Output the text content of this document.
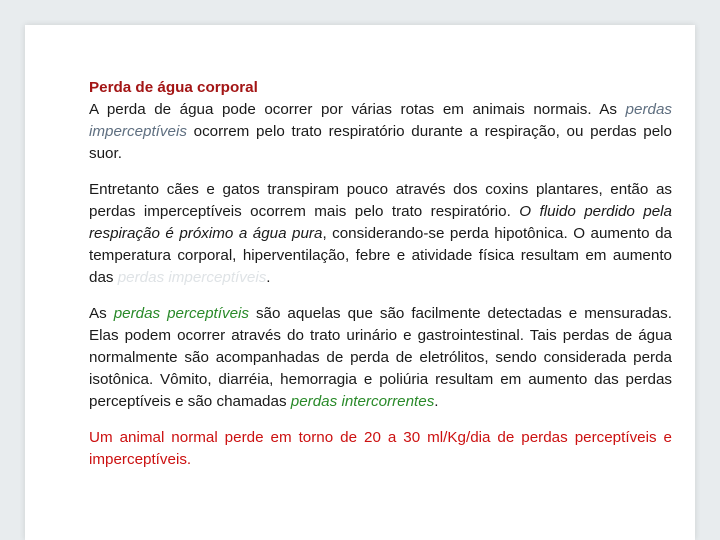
Perda de água corporal
A perda de água pode ocorrer por várias rotas em animais normais. As perdas imperceptíveis ocorrem pelo trato respiratório durante a respiração, ou perdas pelo suor.

Entretanto cães e gatos transpiram pouco através dos coxins plantares, então as perdas imperceptíveis ocorrem mais pelo trato respiratório. O fluido perdido pela respiração é próximo a água pura, considerando-se perda hipotônica. O aumento da temperatura corporal, hiperventilação, febre e atividade física resultam em aumento das perdas imperceptíveis.

As perdas perceptíveis são aquelas que são facilmente detectadas e mensuradas. Elas podem ocorrer através do trato urinário e gastrointestinal. Tais perdas de água normalmente são acompanhadas de perda de eletrólitos, sendo considerada perda isotônica. Vômito, diarréia, hemorragia e poliúria resultam em aumento das perdas perceptíveis e são chamadas perdas intercorrentes.

Um animal normal perde em torno de 20 a 30 ml/Kg/dia de perdas perceptíveis e imperceptíveis.
